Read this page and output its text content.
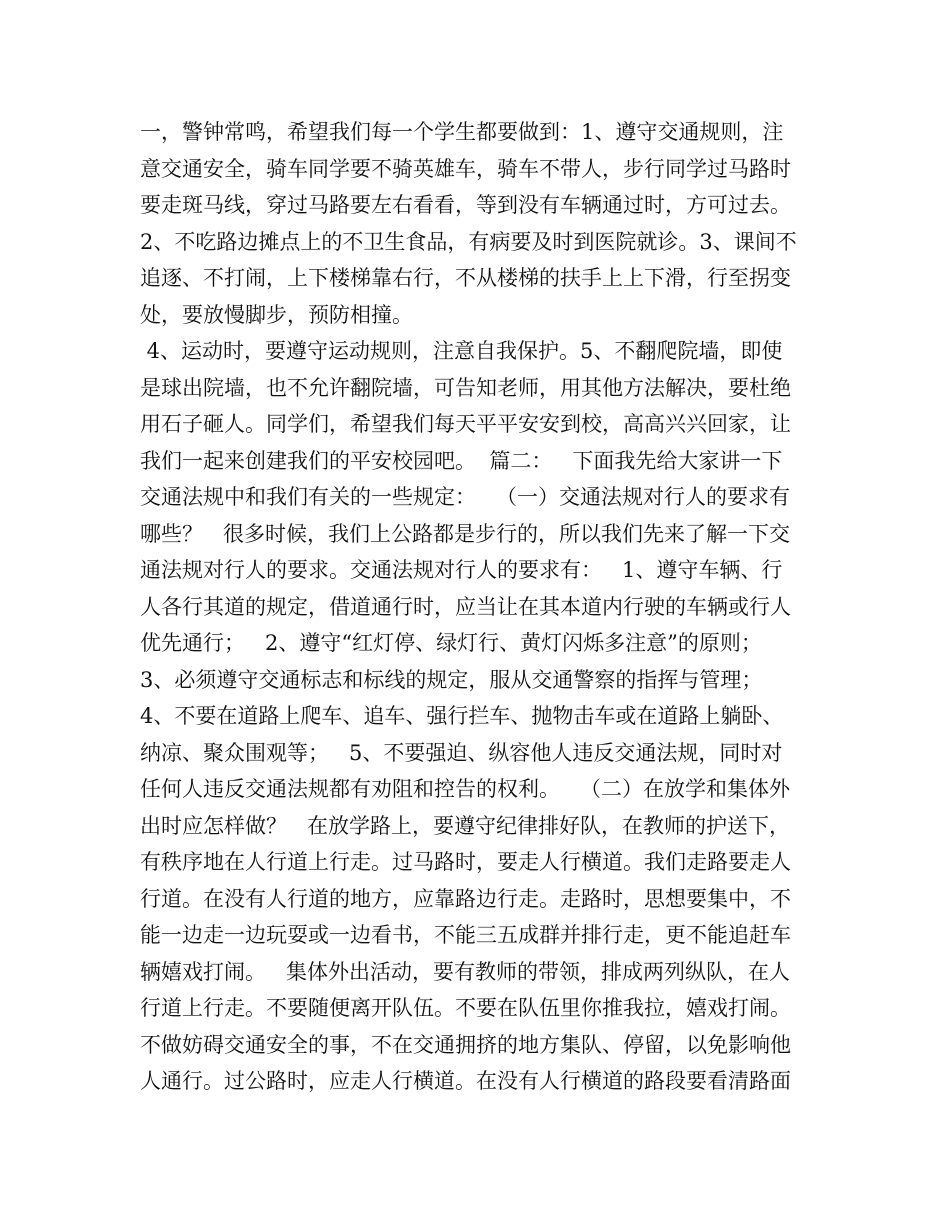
一，警钟常鸣，希望我们每一个学生都要做到：1、遵守交通规则，注
意交通安全，骑车同学要不骑英雄车，骑车不带人，步行同学过马路时
要走斑马线，穿过马路要左右看看，等到没有车辆通过时，方可过去。
2、不吃路边摊点上的不卫生食品，有病要及时到医院就诊。3、课间不
追逐、不打闹，上下楼梯靠右行，不从楼梯的扶手上上下滑，行至拐变
处，要放慢脚步，预防相撞。
4、运动时，要遵守运动规则，注意自我保护。5、不翻爬院墙，即使
是球出院墙，也不允许翻院墙，可告知老师，用其他方法解决，要杜绝
用石子砸人。同学们，希望我们每天平平安安到校，高高兴兴回家，让
我们一起来创建我们的平安校园吧。  篇二：   下面我先给大家讲一下
交通法规中和我们有关的一些规定：   （一）交通法规对行人的要求有
哪些？   很多时候，我们上公路都是步行的，所以我们先来了解一下交
通法规对行人的要求。交通法规对行人的要求有：   1、遵守车辆、行
人各行其道的规定，借道通行时，应当让在其本道内行驶的车辆或行人
优先通行；   2、遵守“红灯停、绿灯行、黄灯闪烁多注意”的原则；
3、必须遵守交通标志和标线的规定，服从交通警察的指挥与管理；
4、不要在道路上爬车、追车、强行拦车、抛物击车或在道路上躺卧、
纳凉、聚众围观等；   5、不要强迫、纵容他人违反交通法规，同时对
任何人违反交通法规都有劝阻和控告的权利。   （二）在放学和集体外
出时应怎样做？   在放学路上，要遵守纪律排好队，在教师的护送下，
有秩序地在人行道上行走。过马路时，要走人行横道。我们走路要走人
行道。在没有人行道的地方，应靠路边行走。走路时，思想要集中，不
能一边走一边玩耍或一边看书，不能三五成群并排行走，更不能追赶车
辆嬉戏打闹。   集体外出活动，要有教师的带领，排成两列纵队，在人
行道上行走。不要随便离开队伍。不要在队伍里你推我拉，嬉戏打闹。
不做妨碍交通安全的事，不在交通拥挤的地方集队、停留，以免影响他
人通行。过公路时，应走人行横道。在没有人行横道的路段要看清路面
